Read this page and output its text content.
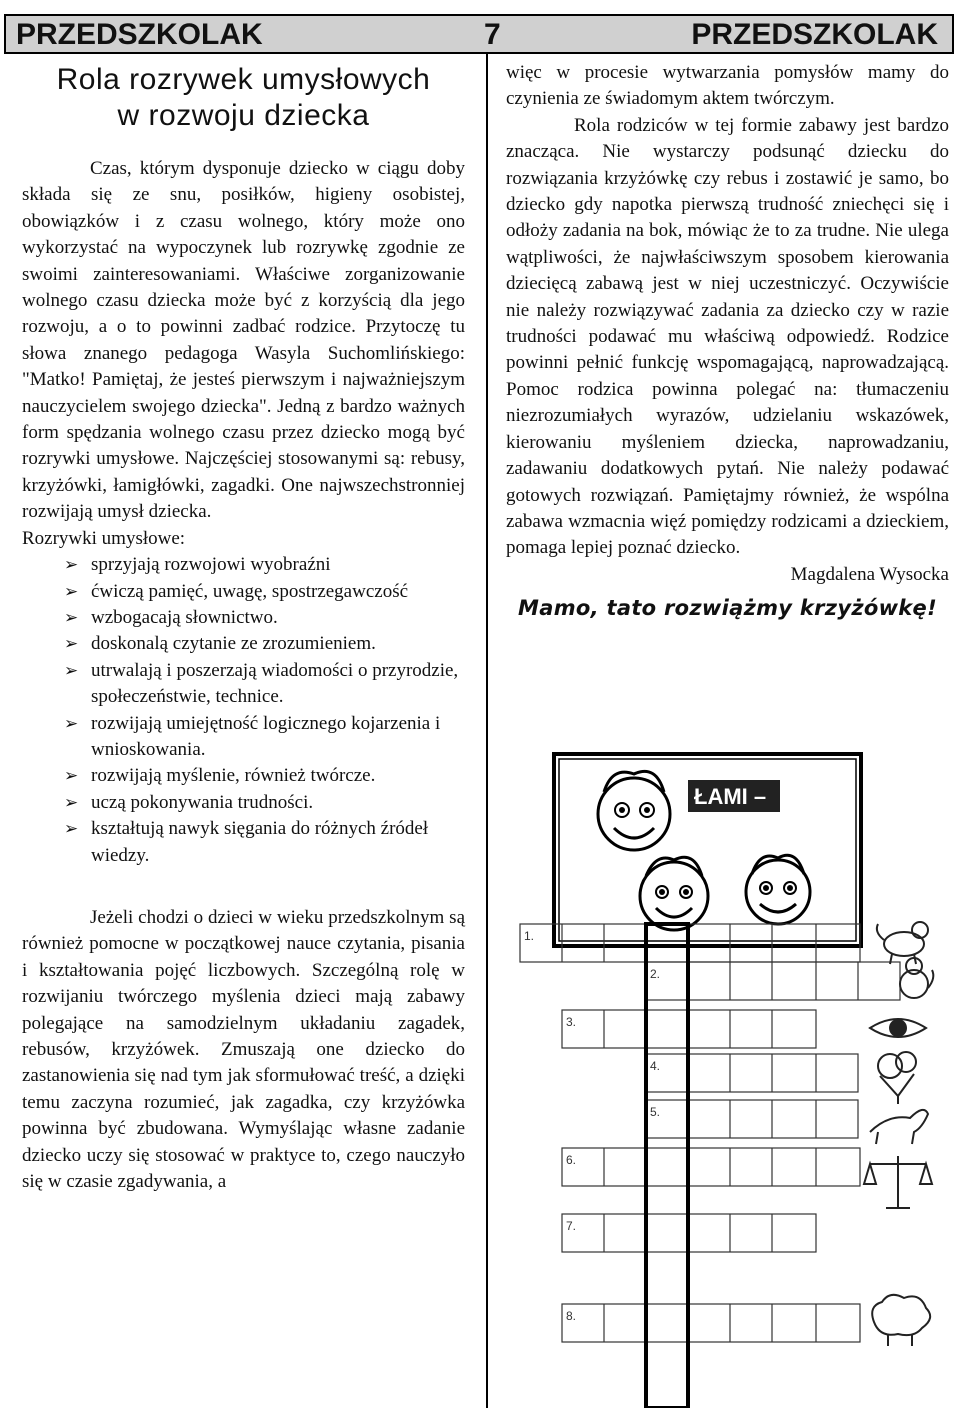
PRZEDSZKOLAK	7	PRZEDSZKOLAK
Rola rozrywek umysłowych
w rozwoju dziecka

Czas, którym dysponuje dziecko w ciągu doby składa się ze snu, posiłków, higieny osobistej, obowiązków i z czasu wolnego, który może ono wykorzystać na wypoczynek lub rozrywkę zgodnie ze swoimi zainteresowaniami. Właściwe zorganizowanie wolnego czasu dziecka może być z korzyścią dla jego rozwoju, a o to powinni zadbać rodzice. Przytoczę tu słowa znanego pedagoga Wasyla Suchomlińskiego: "Matko! Pamiętaj, że jesteś pierwszym i najważniejszym nauczycielem swojego dziecka". Jedną z bardzo ważnych form spędzania wolnego czasu przez dziecko mogą być rozrywki umysłowe. Najczęściej stosowanymi są: rebusy, krzyżówki, łamigłówki, zagadki. One najwszechstronniej rozwijają umysł dziecka.

Rozrywki umysłowe:

➢ sprzyjają rozwojowi wyobraźni
➢ ćwiczą pamięć, uwagę, spostrzegawczość
➢ wzbogacają słownictwo.
➢ doskonalą czytanie ze zrozumieniem.
➢ utrwalają i poszerzają wiadomości o przyrodzie, społeczeństwie, technice.
➢ rozwijają umiejętność logicznego kojarzenia i wnioskowania.
➢ rozwijają myślenie, również twórcze.
➢ uczą pokonywania trudności.
➢ kształtują nawyk sięgania do różnych źródeł wiedzy.

Jeżeli chodzi o dzieci w wieku przedszkolnym są również pomocne w początkowej nauce czytania, pisania i kształtowania pojęć liczbowych. Szczególną rolę w rozwijaniu twórczego myślenia dzieci mają zabawy polegające na samodzielnym układaniu zagadek, rebusów, krzyżówek. Zmuszają one dziecko do zastanowienia się nad tym jak sformułować treść, a dzięki temu zaczyna rozumieć, jak zagadka, czy krzyżówka powinna być zbudowana. Wymyślając własne zadanie dziecko uczy się stosować w praktyce to, czego nauczyło się w czasie zgadywania, a

więc w procesie wytwarzania pomysłów mamy do czynienia ze świadomym aktem twórczym.

Rola rodziców w tej formie zabawy jest bardzo znacząca. Nie wystarczy podsunąć dziecku do rozwiązania krzyżówkę czy rebus i zostawić je samo, bo dziecko gdy napotka pierwszą trudność zniechęci się i odłoży zadania na bok, mówiąc że to za trudne. Nie ulega wątpliwości, że najwłaściwszym sposobem kierowania dziecięcą zabawą jest w niej uczestniczyć. Oczywiście nie należy rozwiązywać zadania za dziecko czy w razie trudności podawać mu właściwą odpowiedź. Rodzice powinni pełnić funkcję wspomagającą, naprowadzającą. Pomoc rodzica powinna polegać na: tłumaczeniu niezrozumiałych wyrazów, udzielaniu wskazówek, kierowaniu myśleniem dziecka, naprowadzaniu, zadawaniu dodatkowych pytań. Nie należy podawać gotowych rozwiązań. Pamiętajmy również, że wspólna zabawa wzmacnia więź pomiędzy rodzicami a dzieckiem, pomaga lepiej poznać dziecko.

Magdalena Wysocka

Mamo, tato rozwiążmy krzyżówkę!
ŁAMI –
1.
2.
3.
4.
5.
6.
7.
8.
